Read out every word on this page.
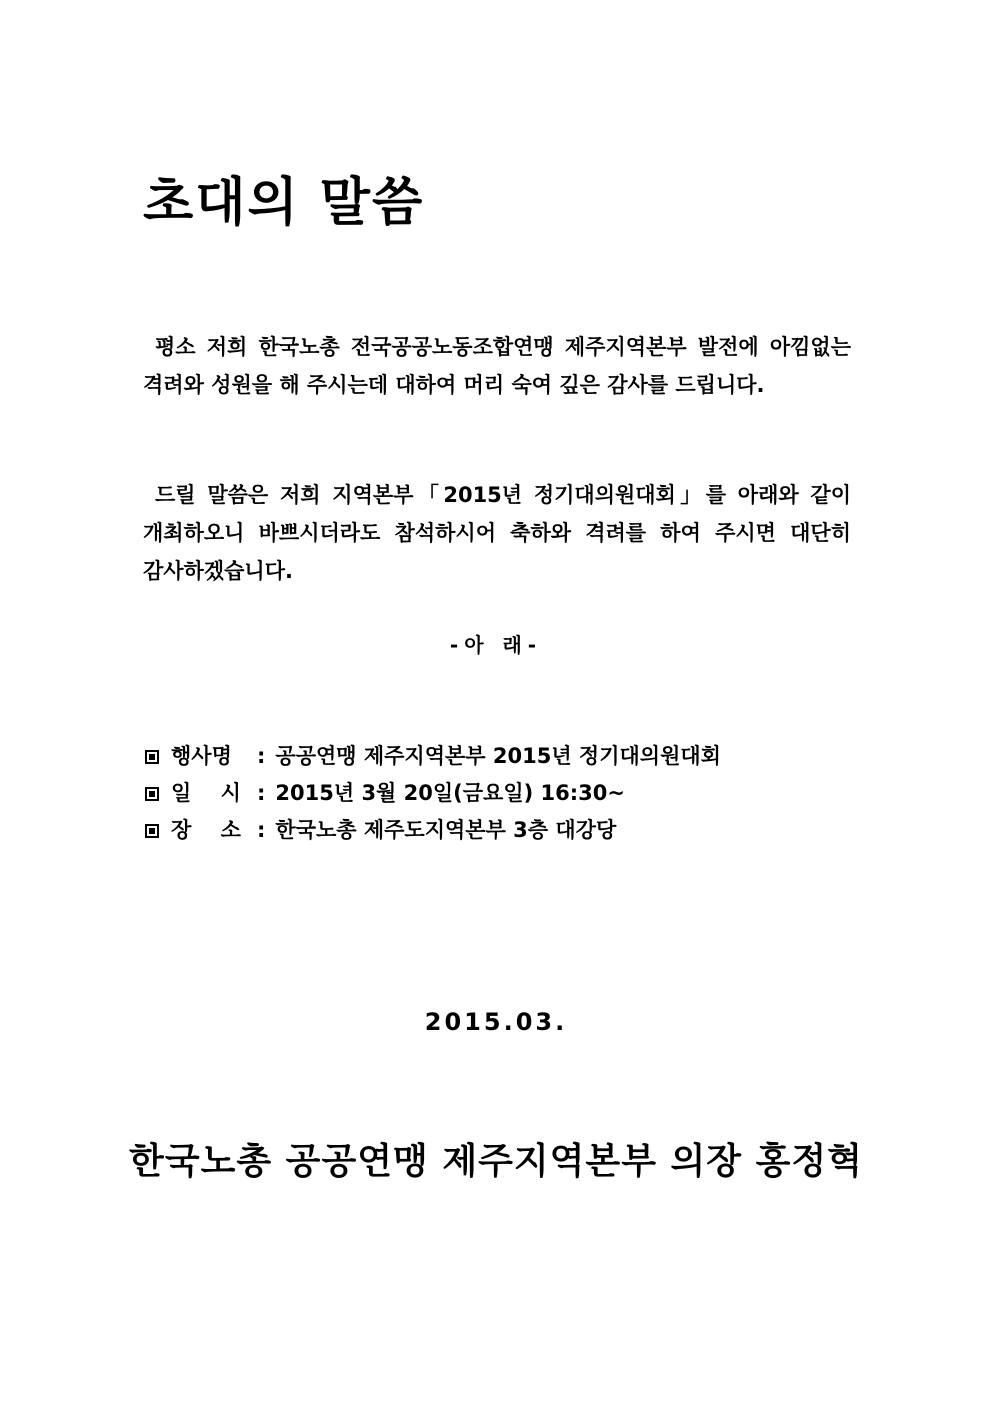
초대의 말씀

평소 저희 한국노총 전국공공노동조합연맹 제주지역본부 발전에 아낌없는 격려와 성원을 해 주시는데 대하여 머리 숙여 깊은 감사를 드립니다.

드릴 말씀은 저희 지역본부「2015년 정기대의원대회」를 아래와 같이 개최하오니 바쁘시더라도 참석하시어 축하와 격려를 하여 주시면 대단히 감사하겠습니다.

-아 래-

행사명	: 공공연맹 제주지역본부 2015년 정기대의원대회
일 시 : 2015년 3월 20일(금요일) 16:30~
장 소 : 한국노총 제주도지역본부 3층 대강당

2015.03.

한국노총 공공연맹 제주지역본부 의장 홍정혁
